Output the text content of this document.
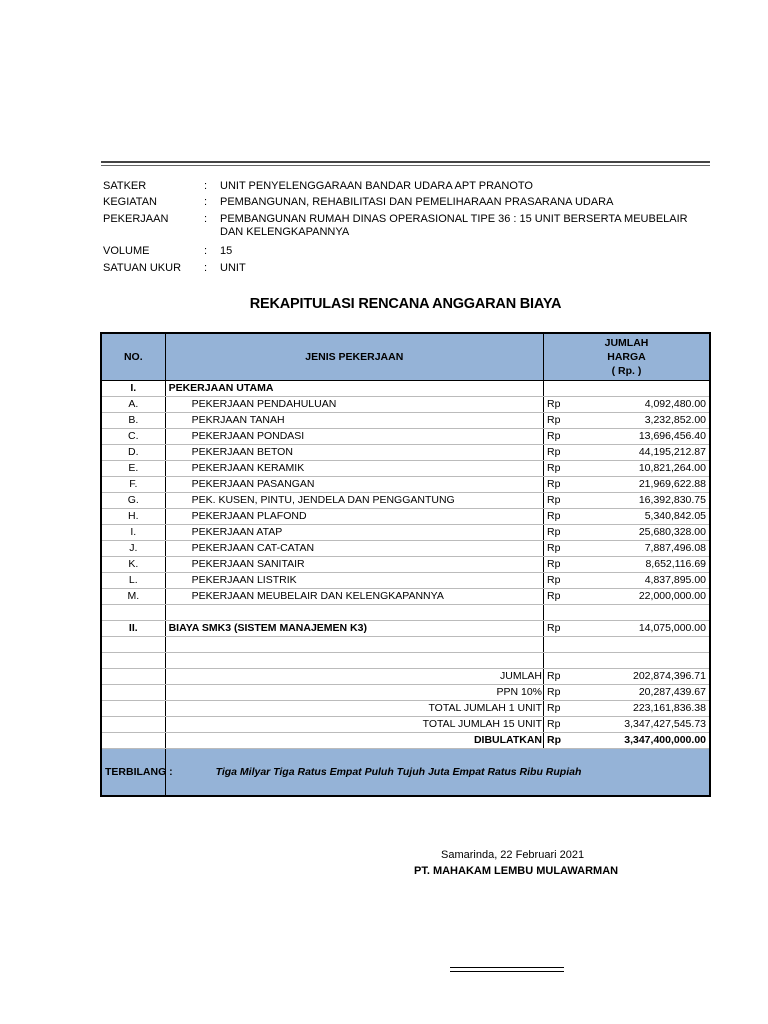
SATKER	: UNIT PENYELENGGARAAN BANDAR UDARA APT PRANOTO
KEGIATAN	: PEMBANGUNAN, REHABILITASI DAN PEMELIHARAAN PRASARANA UDARA
PEKERJAAN	: PEMBANGUNAN RUMAH DINAS OPERASIONAL TIPE 36 : 15 UNIT BERSERTA MEUBELAIR DAN KELENGKAPANNYA
VOLUME	: 15
SATUAN UKUR	: UNIT
REKAPITULASI RENCANA ANGGARAN BIAYA
NO.	JENIS PEKERJAAN	JUMLAH
HARGA
( Rp. )

I.	PEKERJAAN UTAMA	
A.	PEKERJAAN PENDAHULUAN	Rp 4,092,480.00

B.	PEKRJAAN TANAH	Rp 3,232,852.00

C.	PEKERJAAN PONDASI	Rp 13,696,456.40

D.	PEKERJAAN BETON	Rp 44,195,212.87

E.	PEKERJAAN KERAMIK	Rp 10,821,264.00

F.	PEKERJAAN PASANGAN	Rp 21,969,622.88

G.	PEK. KUSEN, PINTU, JENDELA DAN PENGGANTUNG	Rp 16,392,830.75

H.	PEKERJAAN PLAFOND	Rp 5,340,842.05

I.	PEKERJAAN ATAP	Rp 25,680,328.00

J.	PEKERJAAN CAT-CATAN	Rp 7,887,496.08

K.	PEKERJAAN SANITAIR	Rp 8,652,116.69

L.	PEKERJAAN LISTRIK	Rp 4,837,895.00

M.	PEKERJAAN MEUBELAIR DAN KELENGKAPANNYA	Rp 22,000,000.00

II.	BIAYA SMK3 (SISTEM MANAJEMEN K3)	Rp 14,075,000.00

	JUMLAH	Rp 202,874,396.71

	PPN 10%	Rp 20,287,439.67

	TOTAL JUMLAH 1 UNIT	Rp 223,161,836.38

	TOTAL JUMLAH 15 UNIT	Rp 3,347,427,545.73

	DIBULATKAN	Rp 3,347,400,000.00

TERBILANG :	Tiga Milyar Tiga Ratus Empat Puluh Tujuh Juta Empat Ratus Ribu Rupiah	
Samarinda, 22 Februari 2021
PT. MAHAKAM LEMBU MULAWARMAN
